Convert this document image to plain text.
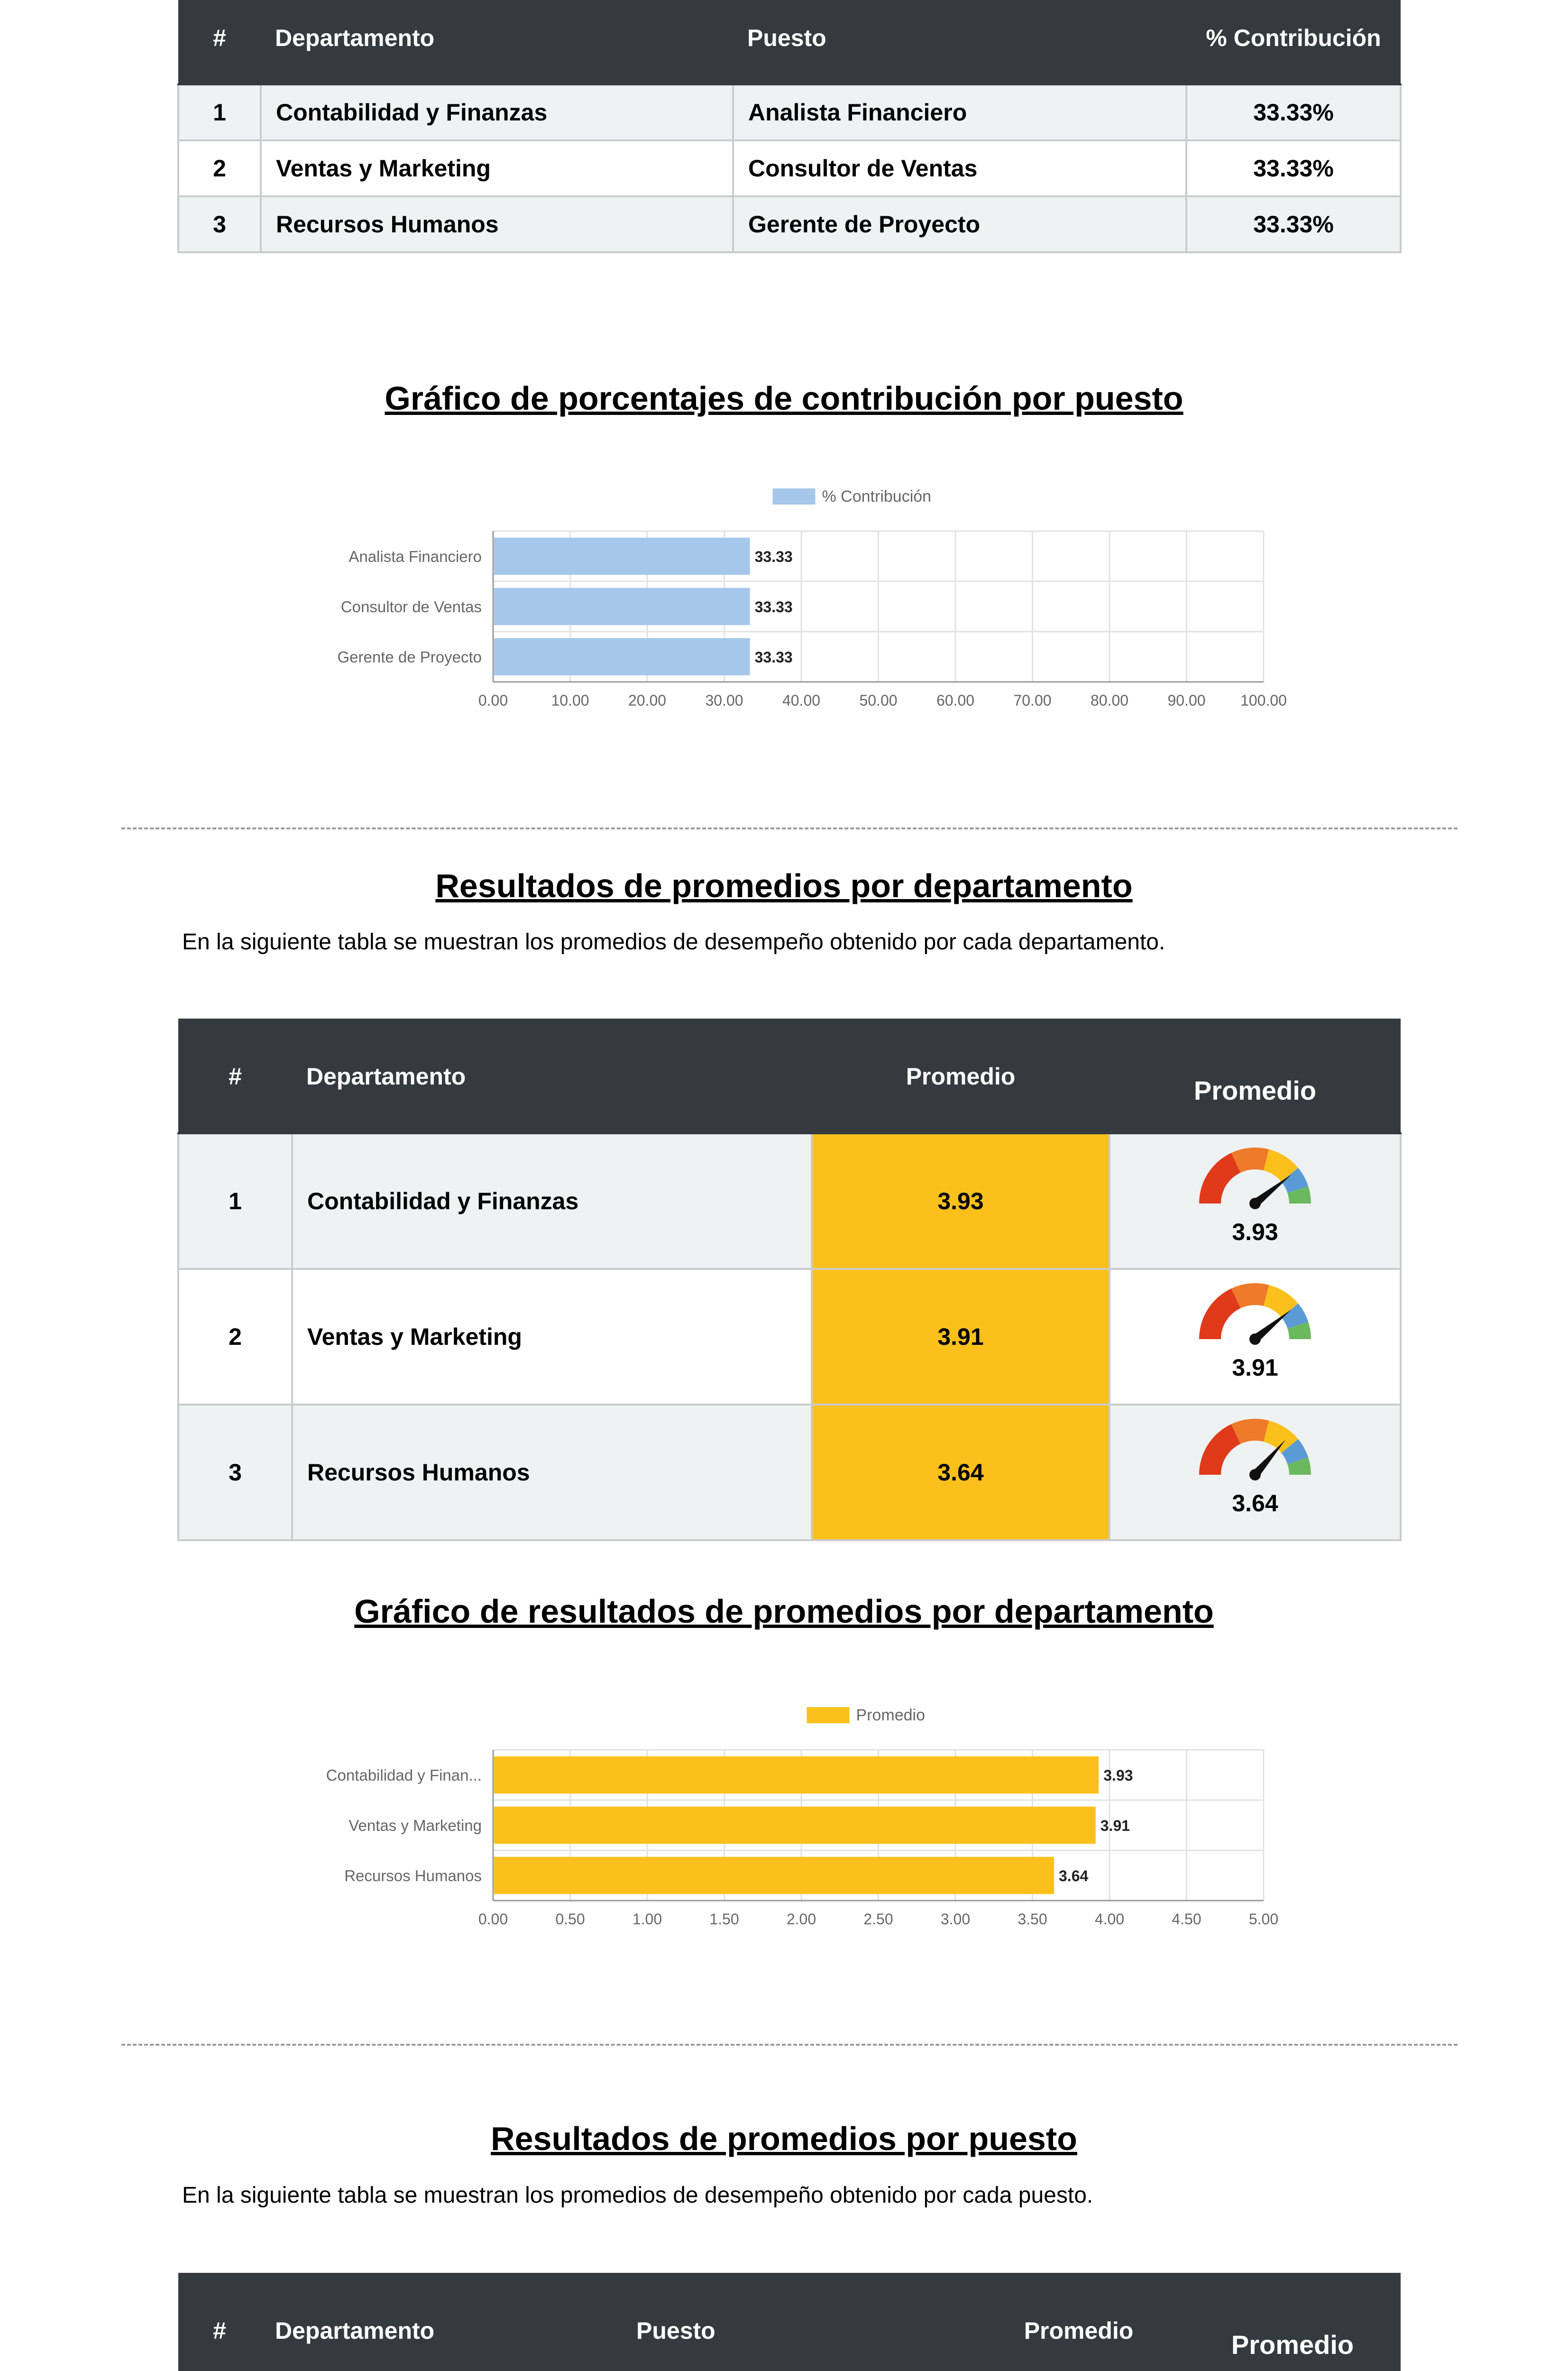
#	Departamento	Puesto	% Contribución
1	Contabilidad y Finanzas	Analista Financiero	33.33%
2	Ventas y Marketing	Consultor de Ventas	33.33%
3	Recursos Humanos	Gerente de Proyecto	33.33%
Gráfico de porcentajes de contribución por puesto
% Contribución
0.00	10.00	20.00	30.00	40.00	50.00	60.00	70.00	80.00	90.00 100.00
33.33
Analista Financiero
33.33
Consultor de Ventas
33.33
Gerente de Proyecto
Resultados de promedios por departamento
En la siguiente tabla se muestran los promedios de desempeño obtenido por cada departamento.
#	Departamento	Promedio	Promedio
1	Contabilidad y Finanzas	3.93	3.93

2	Ventas y Marketing	3.91	3.91

3	Recursos Humanos	3.64	3.64
Gráfico de resultados de promedios por departamento
Promedio
0.00	0.50	1.00	1.50	2.00	2.50	3.00	3.50	4.00	4.50	5.00
3.93
Contabilidad y Finan...
3.91
Ventas y Marketing
3.64
Recursos Humanos
Resultados de promedios por puesto
En la siguiente tabla se muestran los promedios de desempeño obtenido por cada puesto.
#	Departamento	Puesto	Promedio	Promedio
